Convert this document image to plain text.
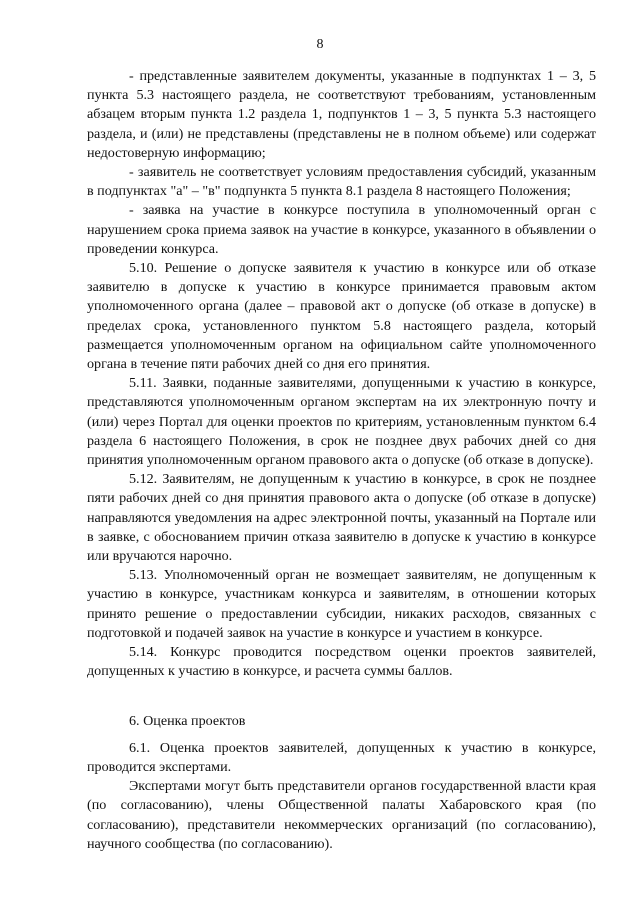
8

- представленные заявителем документы, указанные в подпунктах 1 – 3, 5 пункта 5.3 настоящего раздела, не соответствуют требованиям, установленным абзацем вторым пункта 1.2 раздела 1, подпунктов 1 – 3, 5 пункта 5.3 настоящего раздела, и (или) не представлены (представлены не в полном объеме) или содержат недостоверную информацию;

- заявитель не соответствует условиям предоставления субсидий, указанным в подпунктах "а" – "в" подпункта 5 пункта 8.1 раздела 8 настоящего Положения;

- заявка на участие в конкурсе поступила в уполномоченный орган с нарушением срока приема заявок на участие в конкурсе, указанного в объявлении о проведении конкурса.

5.10. Решение о допуске заявителя к участию в конкурсе или об отказе заявителю в допуске к участию в конкурсе принимается правовым актом уполномоченного органа (далее – правовой акт о допуске (об отказе в допуске) в пределах срока, установленного пунктом 5.8 настоящего раздела, который размещается уполномоченным органом на официальном сайте уполномоченного органа в течение пяти рабочих дней со дня его принятия.

5.11. Заявки, поданные заявителями, допущенными к участию в конкурсе, представляются уполномоченным органом экспертам на их электронную почту и (или) через Портал для оценки проектов по критериям, установленным пунктом 6.4 раздела 6 настоящего Положения, в срок не позднее двух рабочих дней со дня принятия уполномоченным органом правового акта о допуске (об отказе в допуске).

5.12. Заявителям, не допущенным к участию в конкурсе, в срок не позднее пяти рабочих дней со дня принятия правового акта о допуске (об отказе в допуске) направляются уведомления на адрес электронной почты, указанный на Портале или в заявке, с обоснованием причин отказа заявителю в допуске к участию в конкурсе или вручаются нарочно.

5.13. Уполномоченный орган не возмещает заявителям, не допущенным к участию в конкурсе, участникам конкурса и заявителям, в отношении которых принято решение о предоставлении субсидии, никаких расходов, связанных с подготовкой и подачей заявок на участие в конкурсе и участием в конкурсе.

5.14. Конкурс проводится посредством оценки проектов заявителей, допущенных к участию в конкурсе, и расчета суммы баллов.

6. Оценка проектов

6.1. Оценка проектов заявителей, допущенных к участию в конкурсе, проводится экспертами.

Экспертами могут быть представители органов государственной власти края (по согласованию), члены Общественной палаты Хабаровского края (по согласованию), представители некоммерческих организаций (по согласованию), научного сообщества (по согласованию).
